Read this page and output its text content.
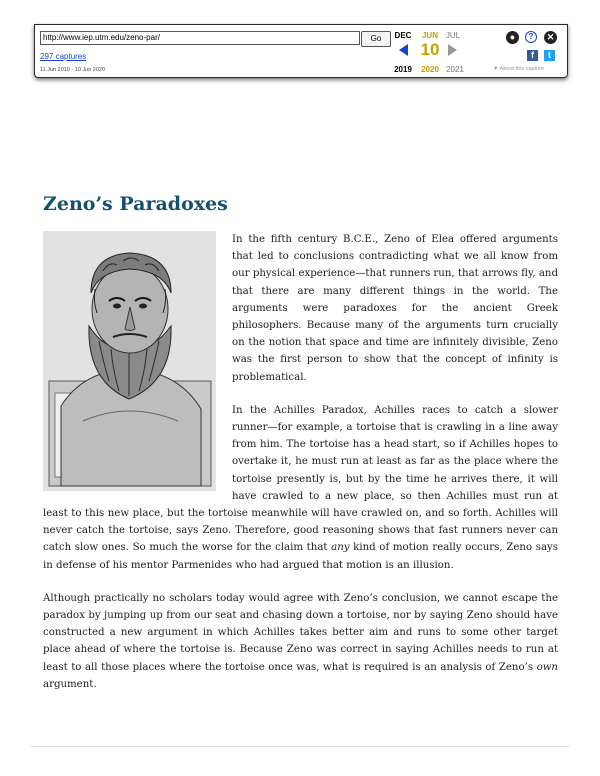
http://www.iep.utm.edu/zeno-par/	Go
297 captures
11 Jun 2010 - 10 Jun 2020
DEC	JUN JUL
10
2019	2020 2021
●	?	✕
f	t
▼ About this capture
Zeno’s Paradoxes

In the fifth century B.C.E., Zeno of Elea offered arguments that led to conclusions contradicting what we all know from our physical experience—that runners run, that arrows fly, and that there are many different things in the world. The arguments were paradoxes for the ancient Greek philosophers. Because many of the arguments turn crucially on the notion that space and time are infinitely divisible, Zeno was the first person to show that the concept of infinity is problematical.

In the Achilles Paradox, Achilles races to catch a slower runner—for example, a tortoise that is crawling in a line away from him. The tortoise has a head start, so if Achilles hopes to overtake it, he must run at least as far as the place where the tortoise presently is, but by the time he arrives there, it will have crawled to a new place, so then Achilles must run at least to this new place, but the tortoise meanwhile will have crawled on, and so forth. Achilles will never catch the tortoise, says Zeno. Therefore, good reasoning shows that fast runners never can catch slow ones. So much the worse for the claim that any kind of motion really occurs, Zeno says in defense of his mentor Parmenides who had argued that motion is an illusion.

Although practically no scholars today would agree with Zeno’s conclusion, we cannot escape the paradox by jumping up from our seat and chasing down a tortoise, nor by saying Zeno should have constructed a new argument in which Achilles takes better aim and runs to some other target place ahead of where the tortoise is. Because Zeno was correct in saying Achilles needs to run at least to all those places where the tortoise once was, what is required is an analysis of Zeno’s own argument.
